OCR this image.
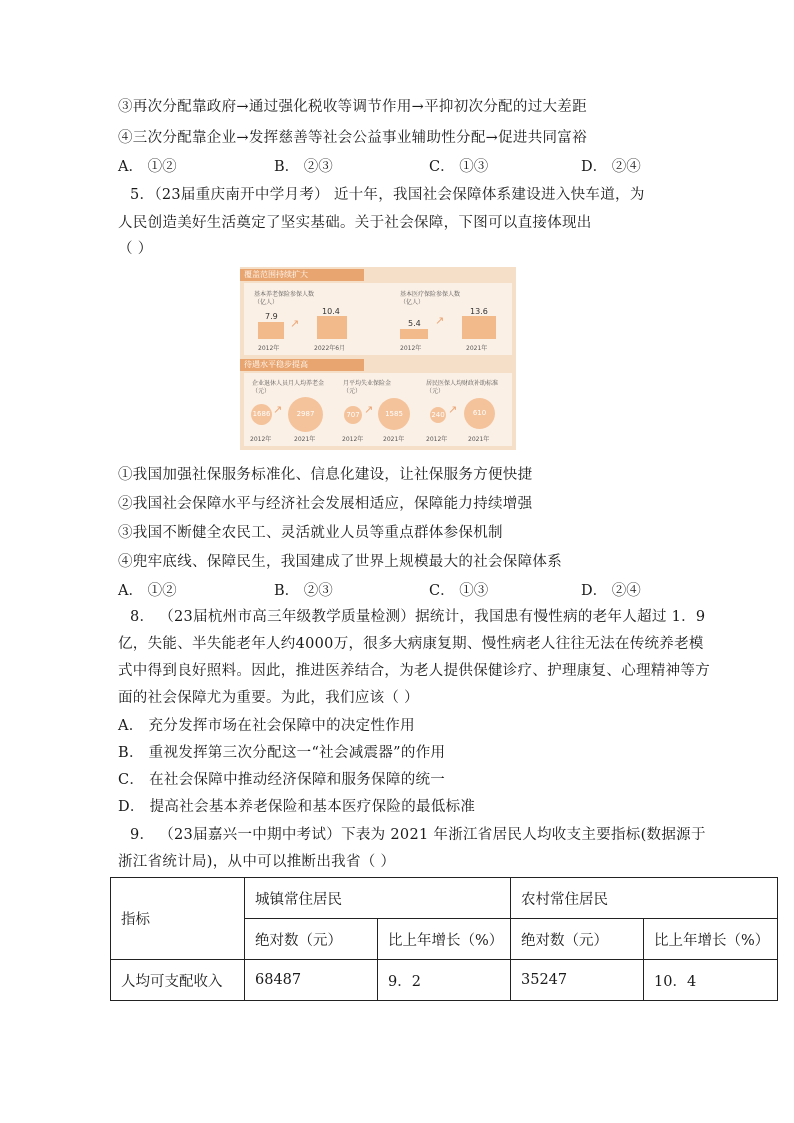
③再次分配靠政府→通过强化税收等调节作用→平抑初次分配的过大差距
④三次分配靠企业→发挥慈善等社会公益事业辅助性分配→促进共同富裕
A． ①②	B． ②③	C． ①③	D． ②④
5．（23届重庆南开中学月考） 近十年，我国社会保障体系建设进入快车道，为
人民创造美好生活奠定了坚实基础。关于社会保障，下图可以直接体现出
（ ）
覆盖范围持续扩大
基本养老保险参保人数
（亿人）
7.9
↗
10.4
2012年	2022年6月
基本医疗保险参保人数
（亿人）
5.4 ↗
13.6
2012年	2021年
待遇水平稳步提高
企业退休人员月人均养老金
（元）
1686 ↗	2987
2012年	2021年
月平均失业保险金
（元）
707 ↗	1585
2012年	2021年
居民医保人均财政补助标准
（元）
240 ↗	610
2012年	2021年
①我国加强社保服务标准化、信息化建设，让社保服务方便快捷
②我国社会保障水平与经济社会发展相适应，保障能力持续增强
③我国不断健全农民工、灵活就业人员等重点群体参保机制
④兜牢底线、保障民生，我国建成了世界上规模最大的社会保障体系
A． ①②	B． ②③	C． ①③	D． ②④
8． （23届杭州市高三年级教学质量检测）据统计，我国患有慢性病的老年人超过 1．9
亿，失能、半失能老年人约4000万，很多大病康复期、慢性病老人往往无法在传统养老模
式中得到良好照料。因此，推进医养结合，为老人提供保健诊疗、护理康复、心理精神等方
面的社会保障尤为重要。为此，我们应该（ ）
A． 充分发挥市场在社会保障中的决定性作用
B． 重视发挥第三次分配这一“社会减震器”的作用
C． 在社会保障中推动经济保障和服务保障的统一
D． 提高社会基本养老保险和基本医疗保险的最低标准
9． （23届嘉兴一中期中考试）下表为 2021 年浙江省居民人均收支主要指标(数据源于
浙江省统计局)，从中可以推断出我省（ ）
指标	城镇常住居民		农村常住居民	
	绝对数（元）	比上年增长（%）	绝对数（元）	比上年增长（%）
人均可支配收入	68487	9．2	35247	10．4
